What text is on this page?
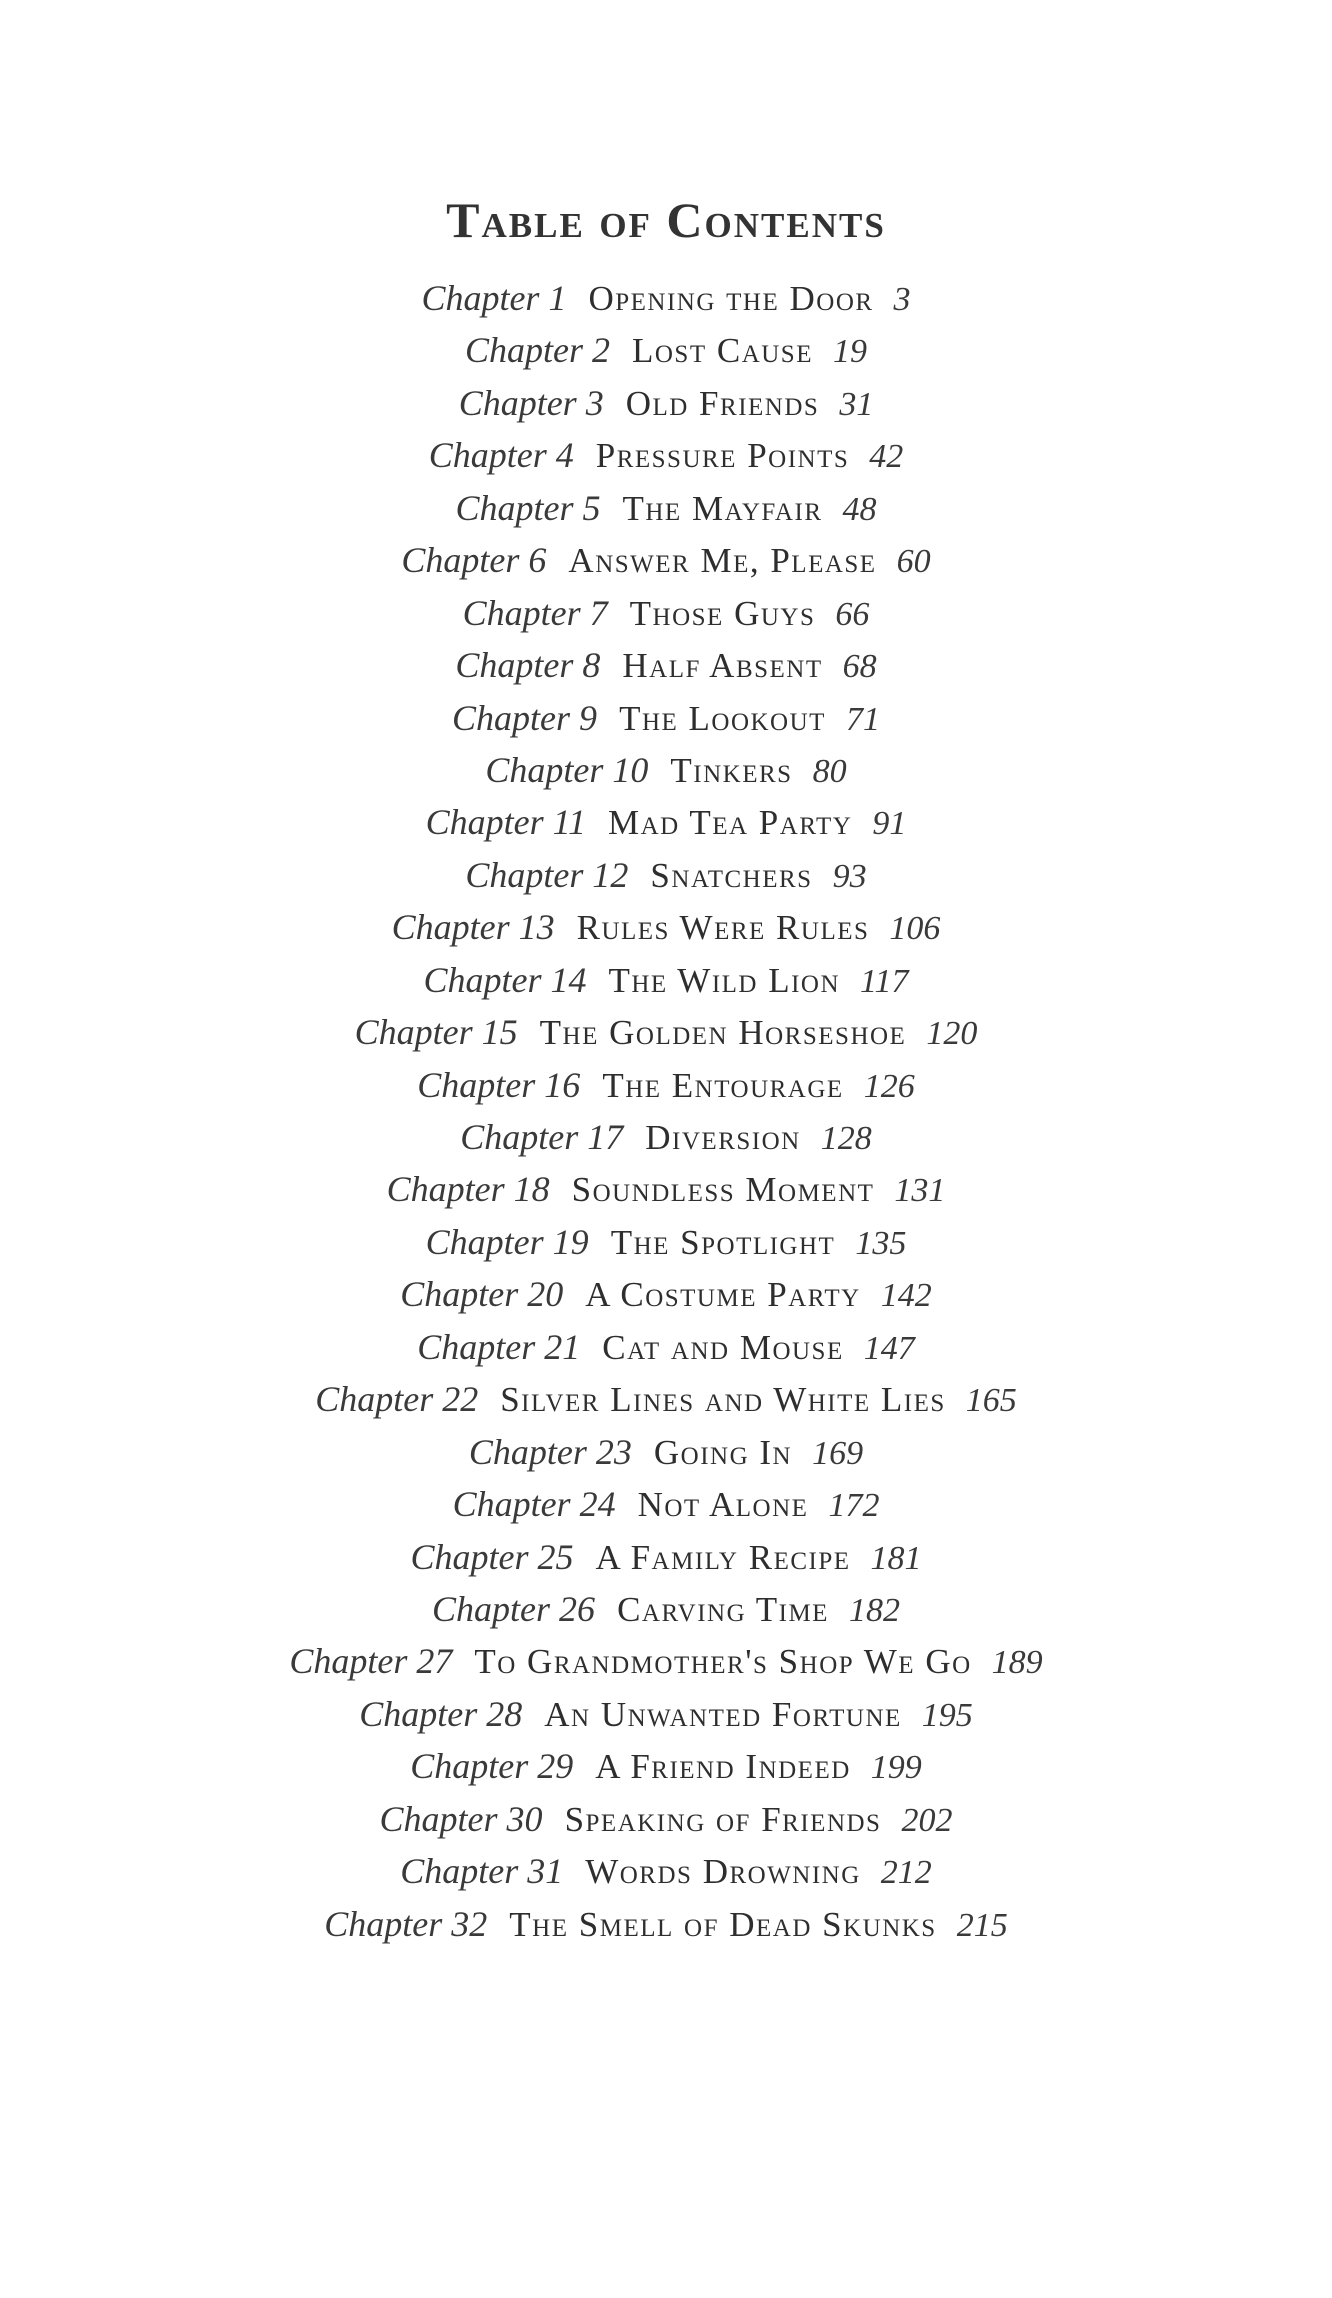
Table of Contents
Chapter 1 Opening the Door 3
Chapter 2 Lost Cause 19
Chapter 3 Old Friends 31
Chapter 4 Pressure Points 42
Chapter 5 The Mayfair 48
Chapter 6 Answer Me, Please 60
Chapter 7 Those Guys 66
Chapter 8 Half Absent 68
Chapter 9 The Lookout 71
Chapter 10 Tinkers 80
Chapter 11 Mad Tea Party 91
Chapter 12 Snatchers 93
Chapter 13 Rules Were Rules 106
Chapter 14 The Wild Lion 117
Chapter 15 The Golden Horseshoe 120
Chapter 16 The Entourage 126
Chapter 17 Diversion 128
Chapter 18 Soundless Moment 131
Chapter 19 The Spotlight 135
Chapter 20 A Costume Party 142
Chapter 21 Cat and Mouse 147
Chapter 22 Silver Lines and White Lies 165
Chapter 23 Going In 169
Chapter 24 Not Alone 172
Chapter 25 A Family Recipe 181
Chapter 26 Carving Time 182
Chapter 27 To Grandmother's Shop We Go 189
Chapter 28 An Unwanted Fortune 195
Chapter 29 A Friend Indeed 199
Chapter 30 Speaking of Friends 202
Chapter 31 Words Drowning 212
Chapter 32 The Smell of Dead Skunks 215
